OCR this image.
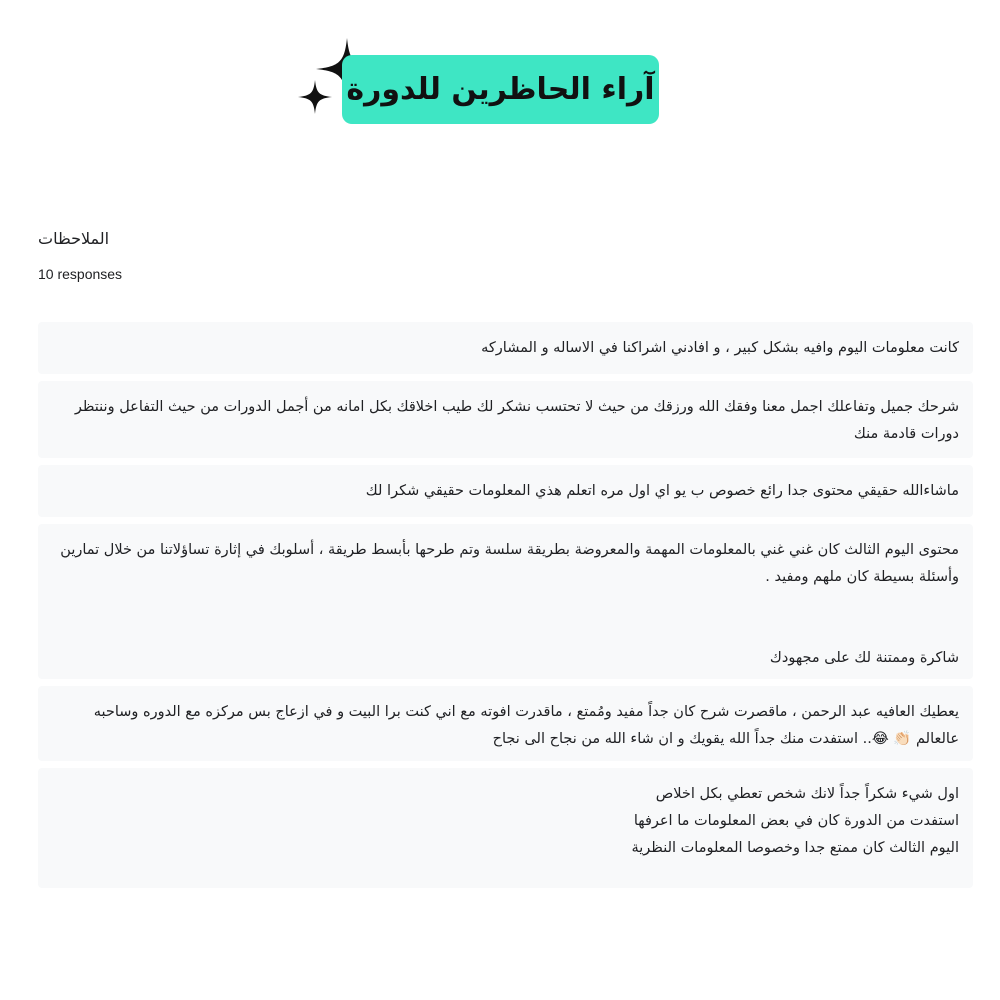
آراء الحاظرين للدورة
الملاحظات
10 responses
كانت معلومات اليوم وافيه بشكل كبير ، و افادني اشراكنا في الاساله و المشاركه
شرحك جميل وتفاعلك اجمل معنا وفقك الله ورزقك من حيث لا تحتسب نشكر لك طيب اخلاقك بكل امانه من أجمل الدورات من حيث التفاعل وننتظر
دورات قادمة منك
ماشاءالله حقيقي محتوى جدا رائع خصوص ب يو اي اول مره اتعلم هذي المعلومات حقيقي شكرا لك
محتوى اليوم الثالث كان غني غني بالمعلومات المهمة والمعروضة بطريقة سلسة وتم طرحها بأبسط طريقة ، أسلوبك في إثارة تساؤلاتنا من خلال تمارين
وأسئلة بسيطة كان ملهم ومفيد .

شاكرة وممتنة لك على مجهودك
يعطيك العافيه عبد الرحمن ، ماقصرت شرح كان جداً مفيد ومُمتع ، ماقدرت افوته مع اني كنت برا البيت و في ازعاج بس مركزه مع الدوره وساحبه
عالعالم 👏🏻 😂.. استفدت منك جداً الله يقويك و ان شاء الله من نجاح الى نجاح
اول شيء شكراً جداً لانك شخص تعطي بكل اخلاص
استفدت من الدورة كان في بعض المعلومات ما اعرفها
اليوم الثالث كان ممتع جدا وخصوصا المعلومات النظرية
